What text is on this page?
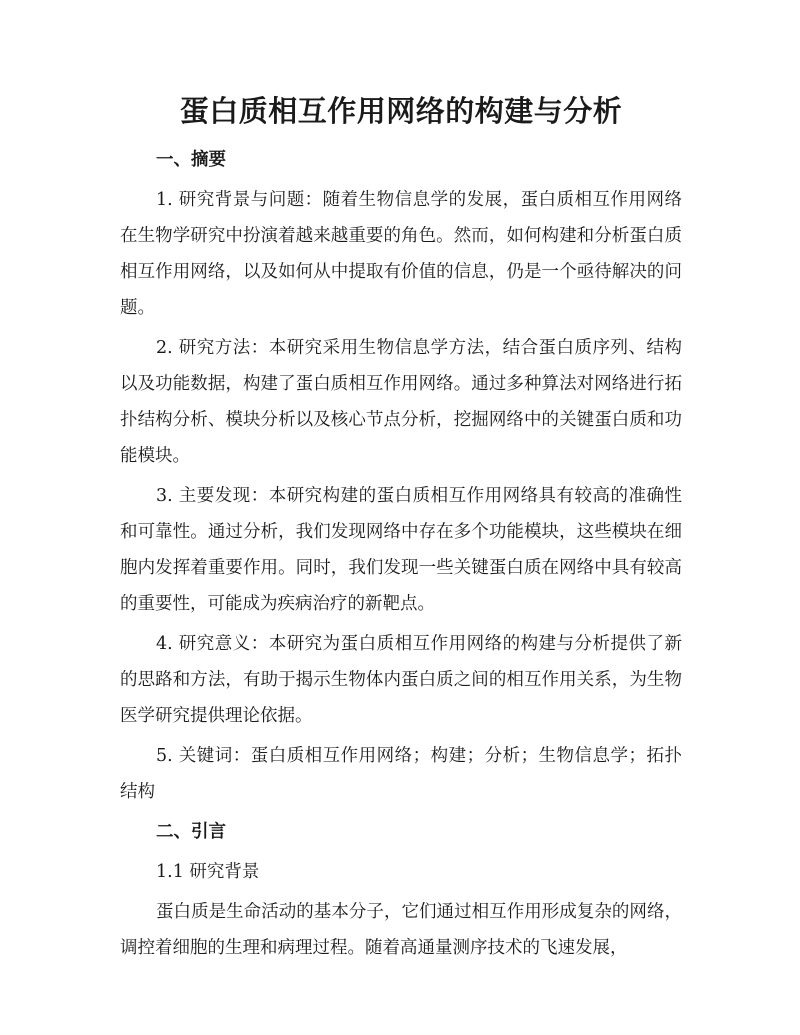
蛋白质相互作用网络的构建与分析
一、摘要

1. 研究背景与问题：随着生物信息学的发展，蛋白质相互作用网络在生物学研究中扮演着越来越重要的角色。然而，如何构建和分析蛋白质相互作用网络，以及如何从中提取有价值的信息，仍是一个亟待解决的问题。

2. 研究方法：本研究采用生物信息学方法，结合蛋白质序列、结构以及功能数据，构建了蛋白质相互作用网络。通过多种算法对网络进行拓扑结构分析、模块分析以及核心节点分析，挖掘网络中的关键蛋白质和功能模块。

3. 主要发现：本研究构建的蛋白质相互作用网络具有较高的准确性和可靠性。通过分析，我们发现网络中存在多个功能模块，这些模块在细胞内发挥着重要作用。同时，我们发现一些关键蛋白质在网络中具有较高的重要性，可能成为疾病治疗的新靶点。

4. 研究意义：本研究为蛋白质相互作用网络的构建与分析提供了新的思路和方法，有助于揭示生物体内蛋白质之间的相互作用关系，为生物医学研究提供理论依据。

5. 关键词：蛋白质相互作用网络；构建；分析；生物信息学；拓扑结构

二、引言
1.1 研究背景

蛋白质是生命活动的基本分子，它们通过相互作用形成复杂的网络，调控着细胞的生理和病理过程。随着高通量测序技术的飞速发展，
